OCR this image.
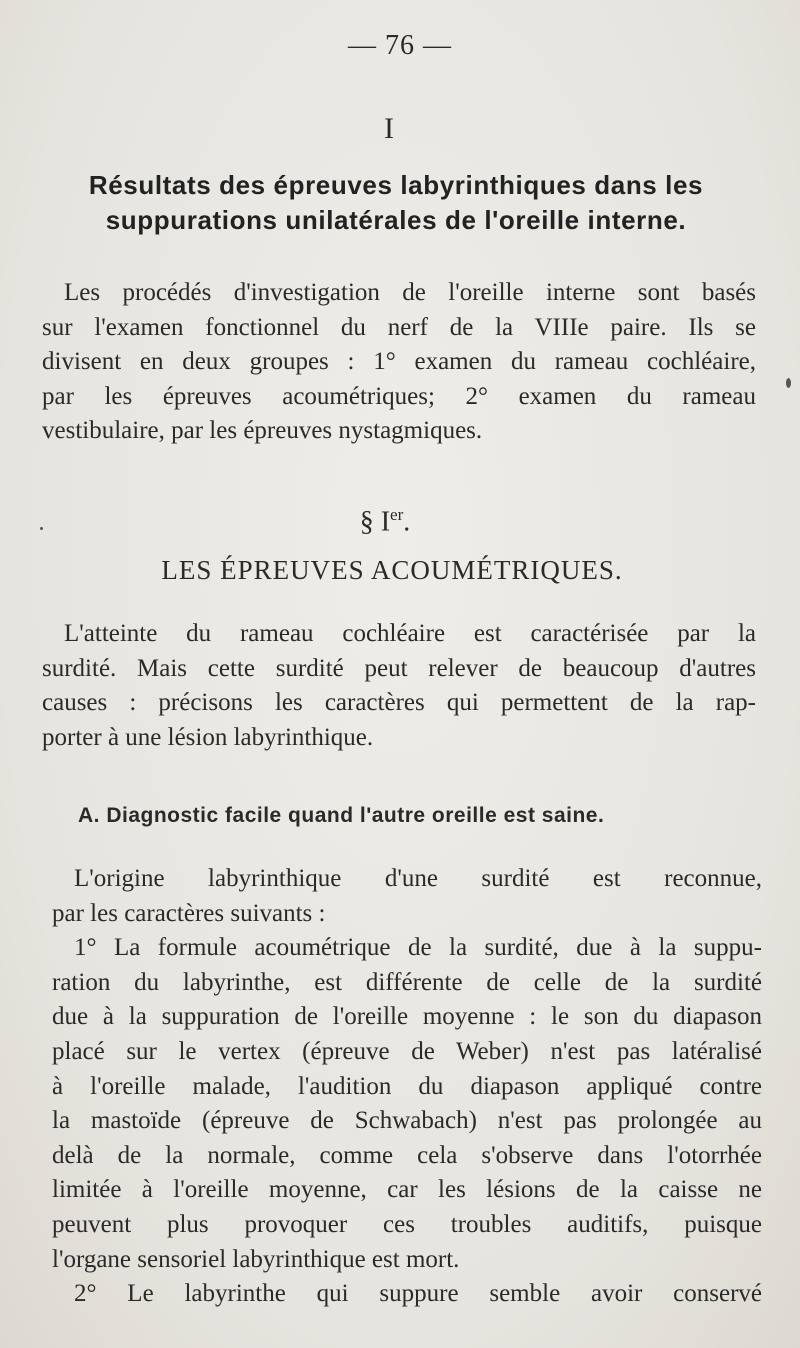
— 76 —
I
Résultats des épreuves labyrinthiques dans les
suppurations unilatérales de l'oreille interne.
Les procédés d'investigation de l'oreille interne sont basés
sur l'examen fonctionnel du nerf de la VIIIe paire. Ils se
divisent en deux groupes : 1° examen du rameau cochléaire,
par les épreuves acoumétriques; 2° examen du rameau
vestibulaire, par les épreuves nystagmiques.
§ Ier.
LES ÉPREUVES ACOUMÉTRIQUES.
L'atteinte du rameau cochléaire est caractérisée par la
surdité. Mais cette surdité peut relever de beaucoup d'autres
causes : précisons les caractères qui permettent de la rap-
porter à une lésion labyrinthique.
A. Diagnostic facile quand l'autre oreille est saine.
L'origine labyrinthique d'une surdité est reconnue,
par les caractères suivants :
1° La formule acoumétrique de la surdité, due à la suppu-
ration du labyrinthe, est différente de celle de la surdité
due à la suppuration de l'oreille moyenne : le son du diapason
placé sur le vertex (épreuve de Weber) n'est pas latéralisé
à l'oreille malade, l'audition du diapason appliqué contre
la mastoïde (épreuve de Schwabach) n'est pas prolongée au
delà de la normale, comme cela s'observe dans l'otorrhée
limitée à l'oreille moyenne, car les lésions de la caisse ne
peuvent plus provoquer ces troubles auditifs, puisque
l'organe sensoriel labyrinthique est mort.
2° Le labyrinthe qui suppure semble avoir conservé
